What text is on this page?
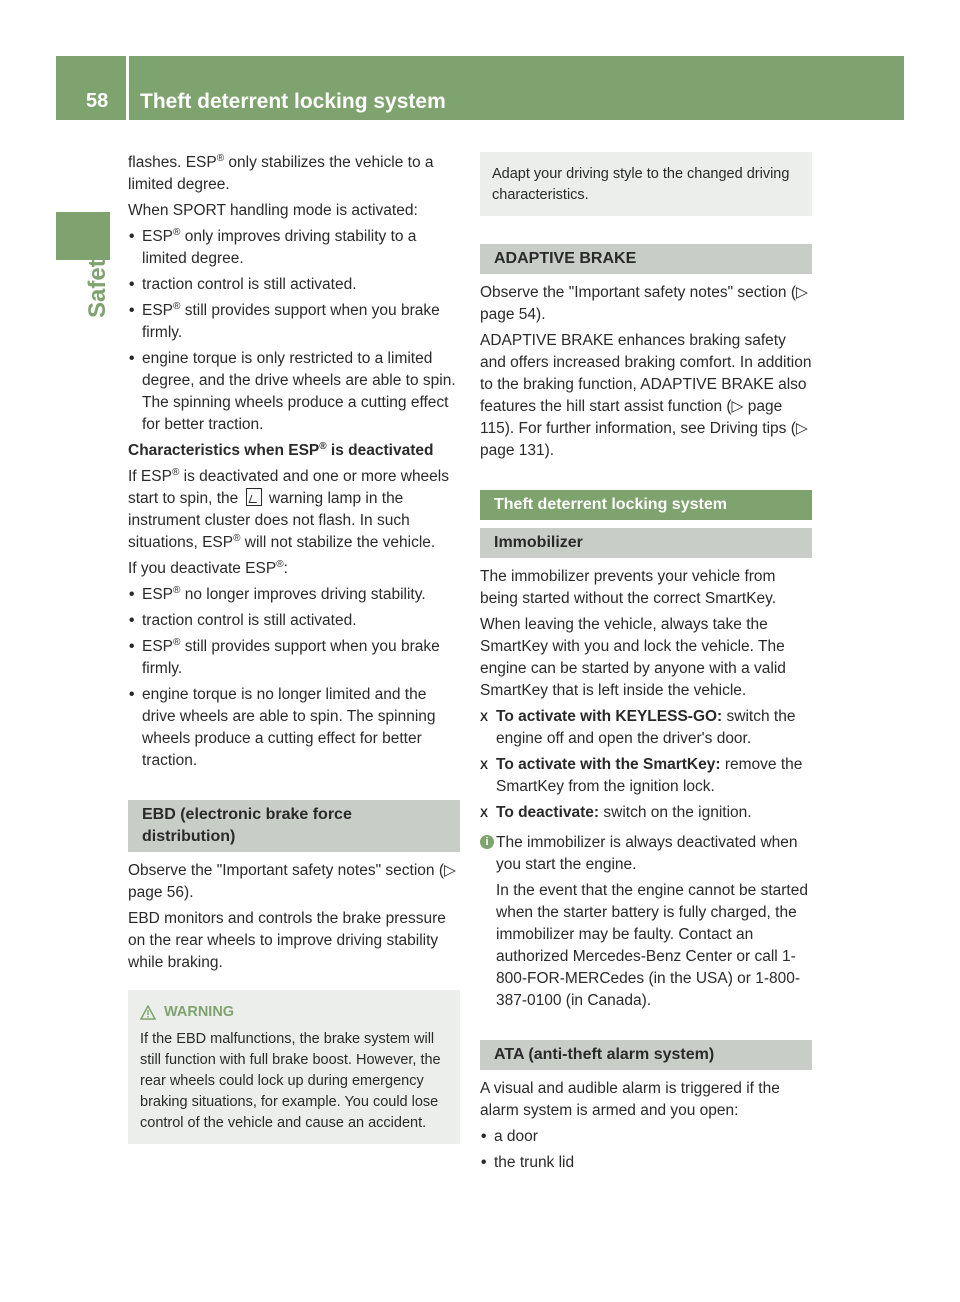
58 Theft deterrent locking system
Safety

flashes. ESP® only stabilizes the vehicle to a limited degree.

When SPORT handling mode is activated:

• ESP® only improves driving stability to a limited degree.
• traction control is still activated.
• ESP® still provides support when you brake firmly.
• engine torque is only restricted to a limited degree, and the drive wheels are able to spin. The spinning wheels produce a cutting effect for better traction.

Characteristics when ESP® is deactivated

If ESP® is deactivated and one or more wheels start to spin, the  warning lamp in the instrument cluster does not flash. In such situations, ESP® will not stabilize the vehicle.

If you deactivate ESP®:

• ESP® no longer improves driving stability.
• traction control is still activated.
• ESP® still provides support when you brake firmly.
• engine torque is no longer limited and the drive wheels are able to spin. The spinning wheels produce a cutting effect for better traction.
EBD (electronic brake force distribution)

Observe the "Important safety notes" section (▷ page 56).

EBD monitors and controls the brake pressure on the rear wheels to improve driving stability while braking.

WARNING
If the EBD malfunctions, the brake system will still function with full brake boost. However, the rear wheels could lock up during emergency braking situations, for example. You could lose control of the vehicle and cause an accident.
Adapt your driving style to the changed driving characteristics.
ADAPTIVE BRAKE

Observe the "Important safety notes" section (▷ page 54).

ADAPTIVE BRAKE enhances braking safety and offers increased braking comfort. In addition to the braking function, ADAPTIVE BRAKE also features the hill start assist function (▷ page 115). For further information, see Driving tips (▷ page 131).

Theft deterrent locking system
Immobilizer

The immobilizer prevents your vehicle from being started without the correct SmartKey.

When leaving the vehicle, always take the SmartKey with you and lock the vehicle. The engine can be started by anyone with a valid SmartKey that is left inside the vehicle.

X To activate with KEYLESS-GO: switch the engine off and open the driver's door.
X To activate with the SmartKey: remove the SmartKey from the ignition lock.
X To deactivate: switch on the ignition.
i The immobilizer is always deactivated when you start the engine.

In the event that the engine cannot be started when the starter battery is fully charged, the immobilizer may be faulty. Contact an authorized Mercedes-Benz Center or call 1-800-FOR-MERCedes (in the USA) or 1-800-387-0100 (in Canada).

ATA (anti-theft alarm system)

A visual and audible alarm is triggered if the alarm system is armed and you open:

• a door
• the trunk lid
